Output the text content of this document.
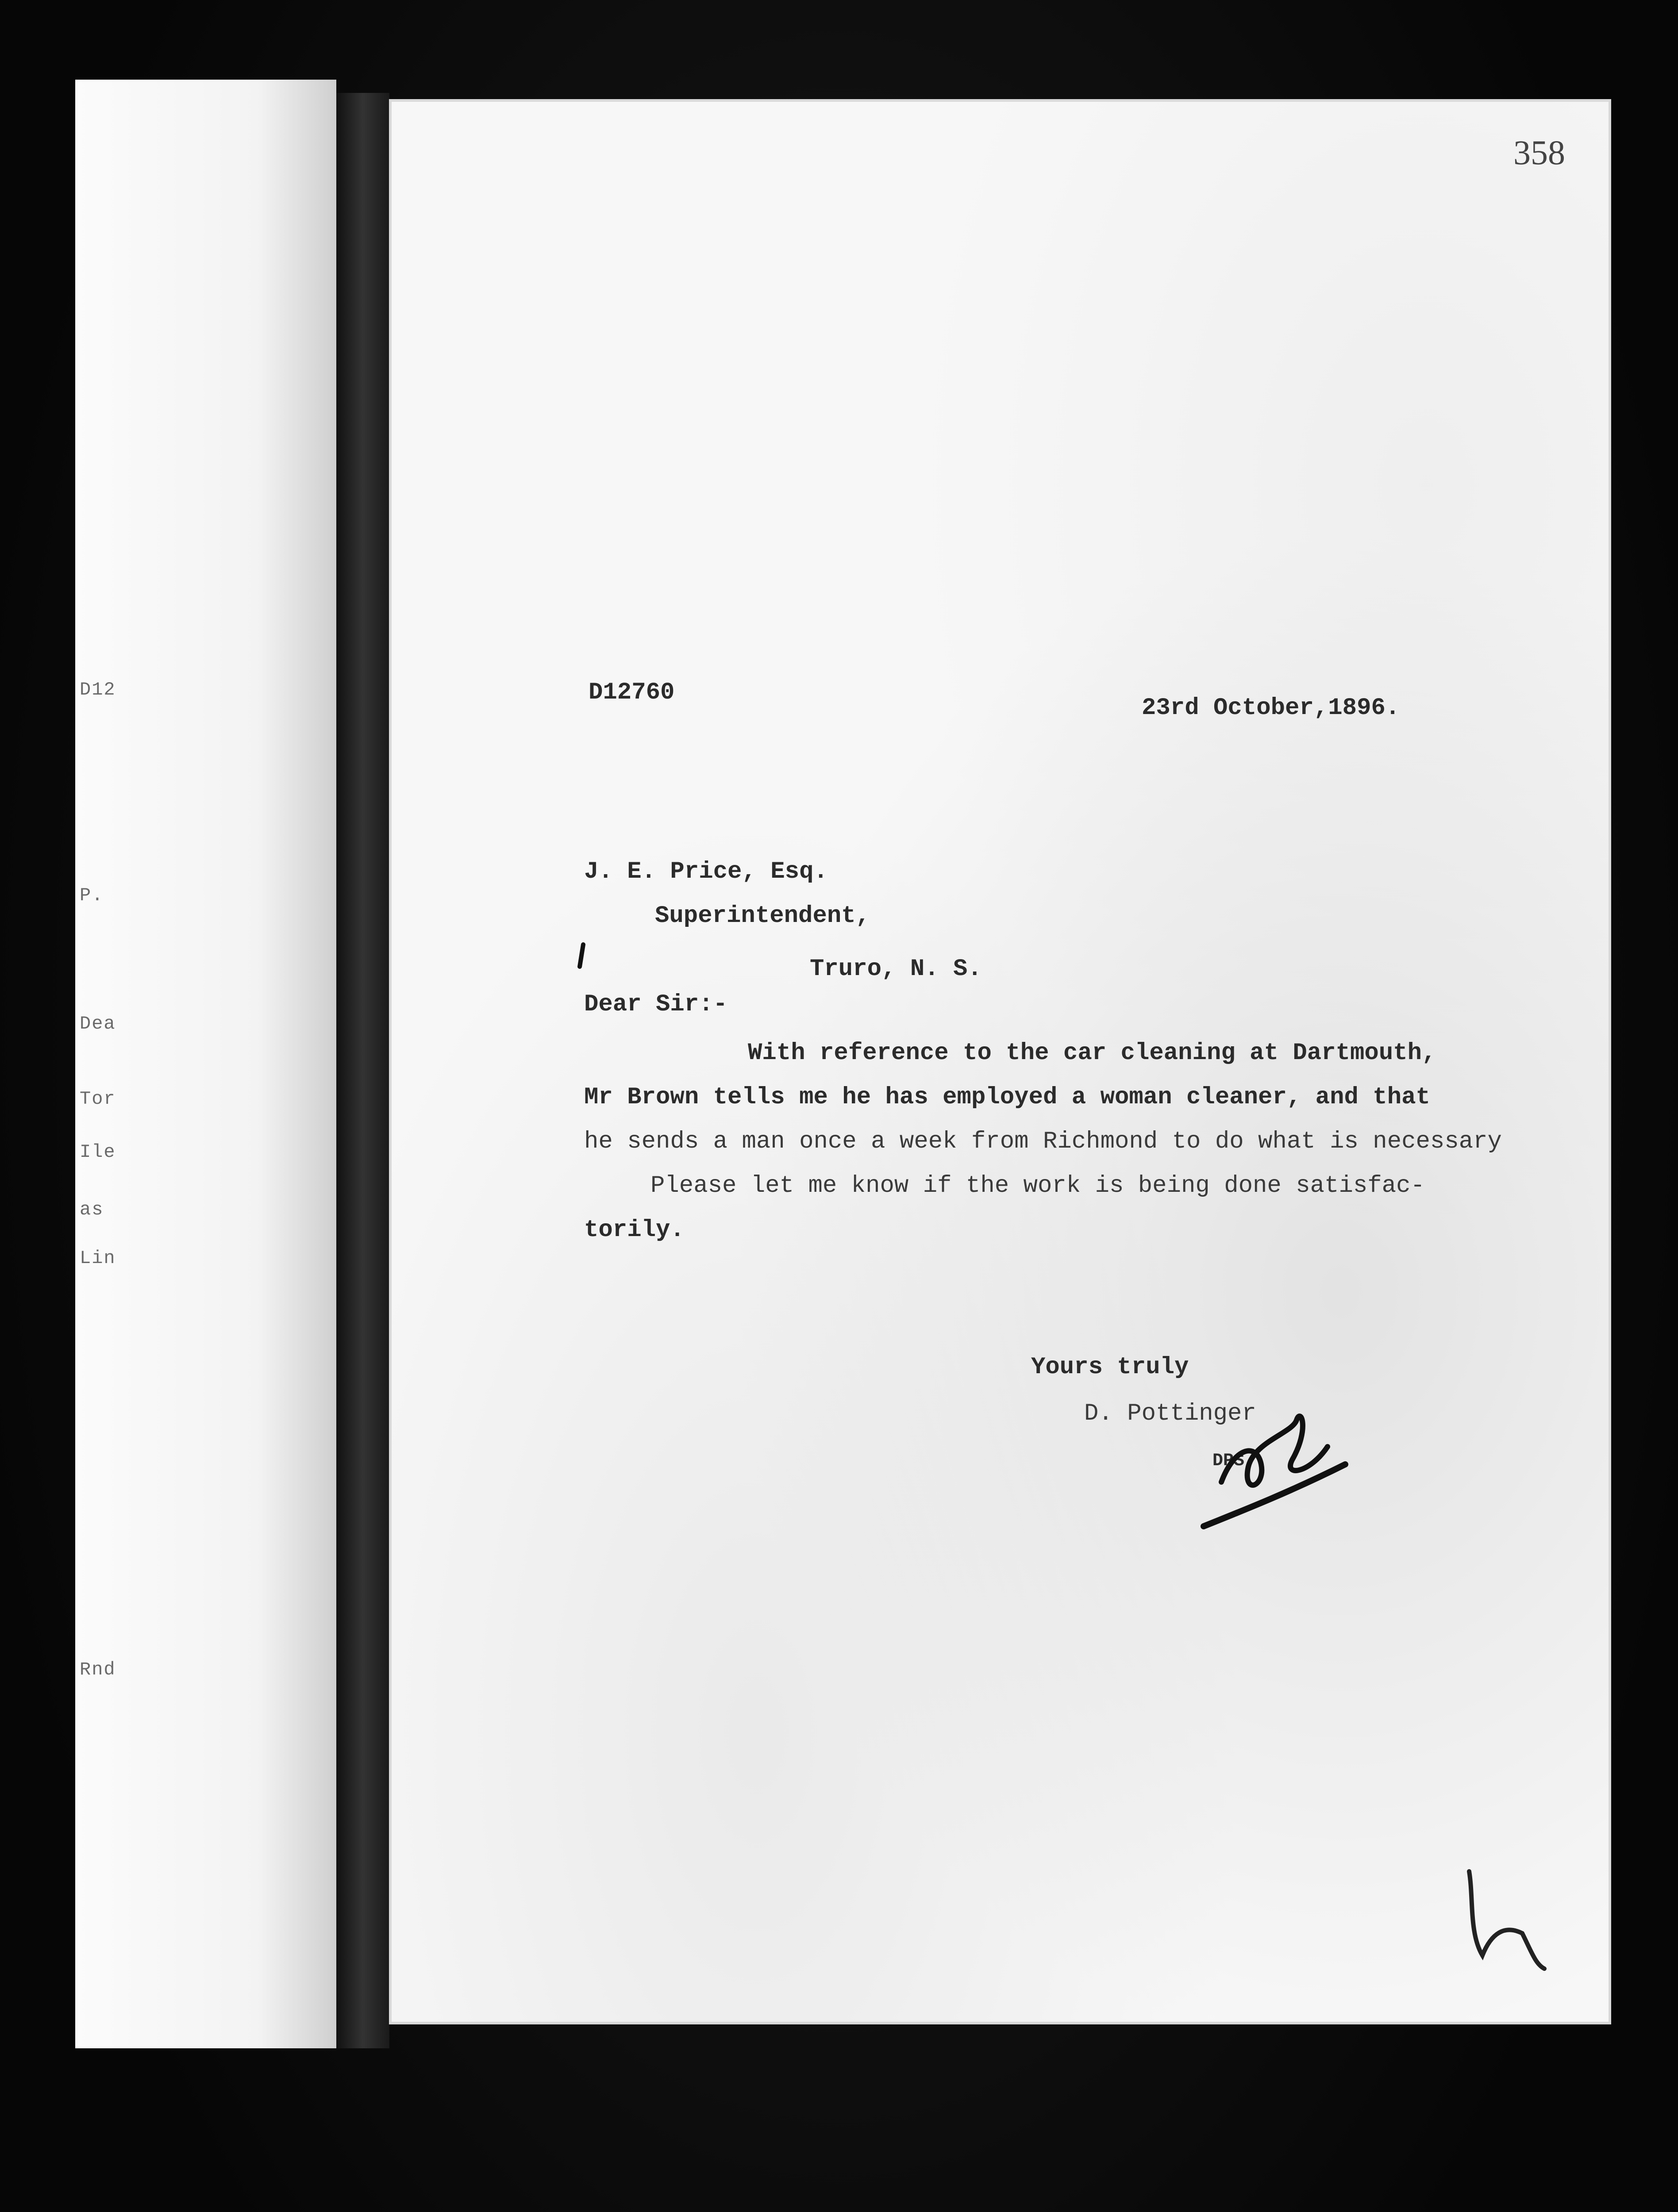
D12
P.
Dea
Tor
Ile
as
Lin
Rnd
358
D12760
23rd October,1896.
J. E. Price, Esq.
Superintendent,
Truro, N. S.
Dear Sir:-
With reference to the car cleaning at Dartmouth,
Mr Brown tells me he has employed a woman cleaner, and that
he sends a man once a week from Richmond to do what is necessary
Please let me know if the work is being done satisfac-
torily.
Yours truly
D. Pottinger
DPS
